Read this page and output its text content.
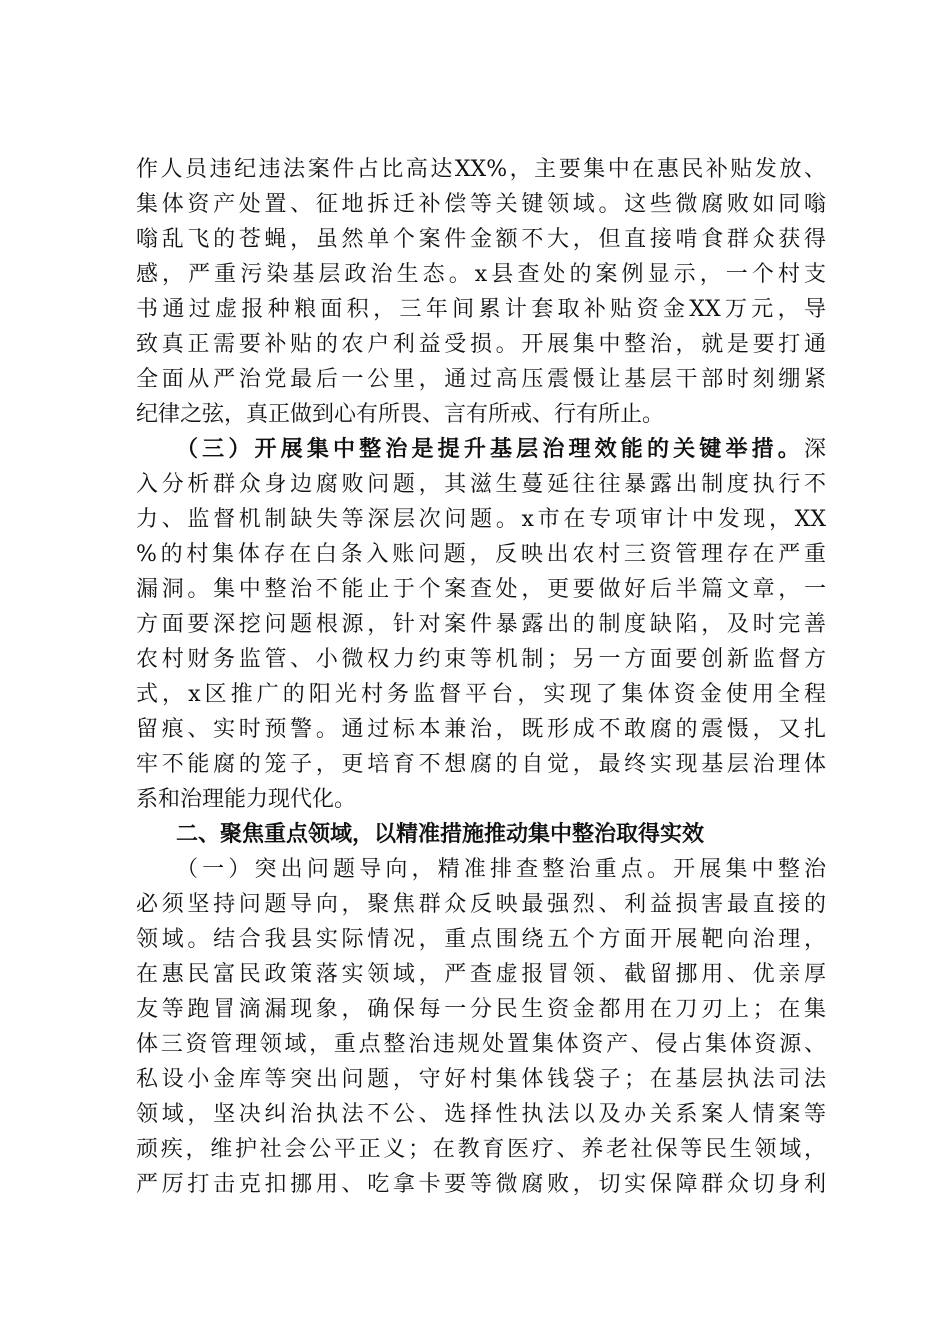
作人员违纪违法案件占比高达XX%，主要集中在惠民补贴发放、
集体资产处置、征地拆迁补偿等关键领域。这些微腐败如同嗡
嗡乱飞的苍蝇，虽然单个案件金额不大，但直接啃食群众获得
感，严重污染基层政治生态。x县查处的案例显示，一个村支
书通过虚报种粮面积，三年间累计套取补贴资金XX万元，导
致真正需要补贴的农户利益受损。开展集中整治，就是要打通
全面从严治党最后一公里，通过高压震慑让基层干部时刻绷紧
纪律之弦，真正做到心有所畏、言有所戒、行有所止。
（三）开展集中整治是提升基层治理效能的关键举措。深
入分析群众身边腐败问题，其滋生蔓延往往暴露出制度执行不
力、监督机制缺失等深层次问题。x市在专项审计中发现，XX
%的村集体存在白条入账问题，反映出农村三资管理存在严重
漏洞。集中整治不能止于个案查处，更要做好后半篇文章，一
方面要深挖问题根源，针对案件暴露出的制度缺陷，及时完善
农村财务监管、小微权力约束等机制；另一方面要创新监督方
式，x区推广的阳光村务监督平台，实现了集体资金使用全程
留痕、实时预警。通过标本兼治，既形成不敢腐的震慑，又扎
牢不能腐的笼子，更培育不想腐的自觉，最终实现基层治理体
系和治理能力现代化。
二、聚焦重点领域，以精准措施推动集中整治取得实效
（一）突出问题导向，精准排查整治重点。开展集中整治
必须坚持问题导向，聚焦群众反映最强烈、利益损害最直接的
领域。结合我县实际情况，重点围绕五个方面开展靶向治理，
在惠民富民政策落实领域，严查虚报冒领、截留挪用、优亲厚
友等跑冒滴漏现象，确保每一分民生资金都用在刀刃上；在集
体三资管理领域，重点整治违规处置集体资产、侵占集体资源、
私设小金库等突出问题，守好村集体钱袋子；在基层执法司法
领域，坚决纠治执法不公、选择性执法以及办关系案人情案等
顽疾，维护社会公平正义；在教育医疗、养老社保等民生领域，
严厉打击克扣挪用、吃拿卡要等微腐败，切实保障群众切身利
